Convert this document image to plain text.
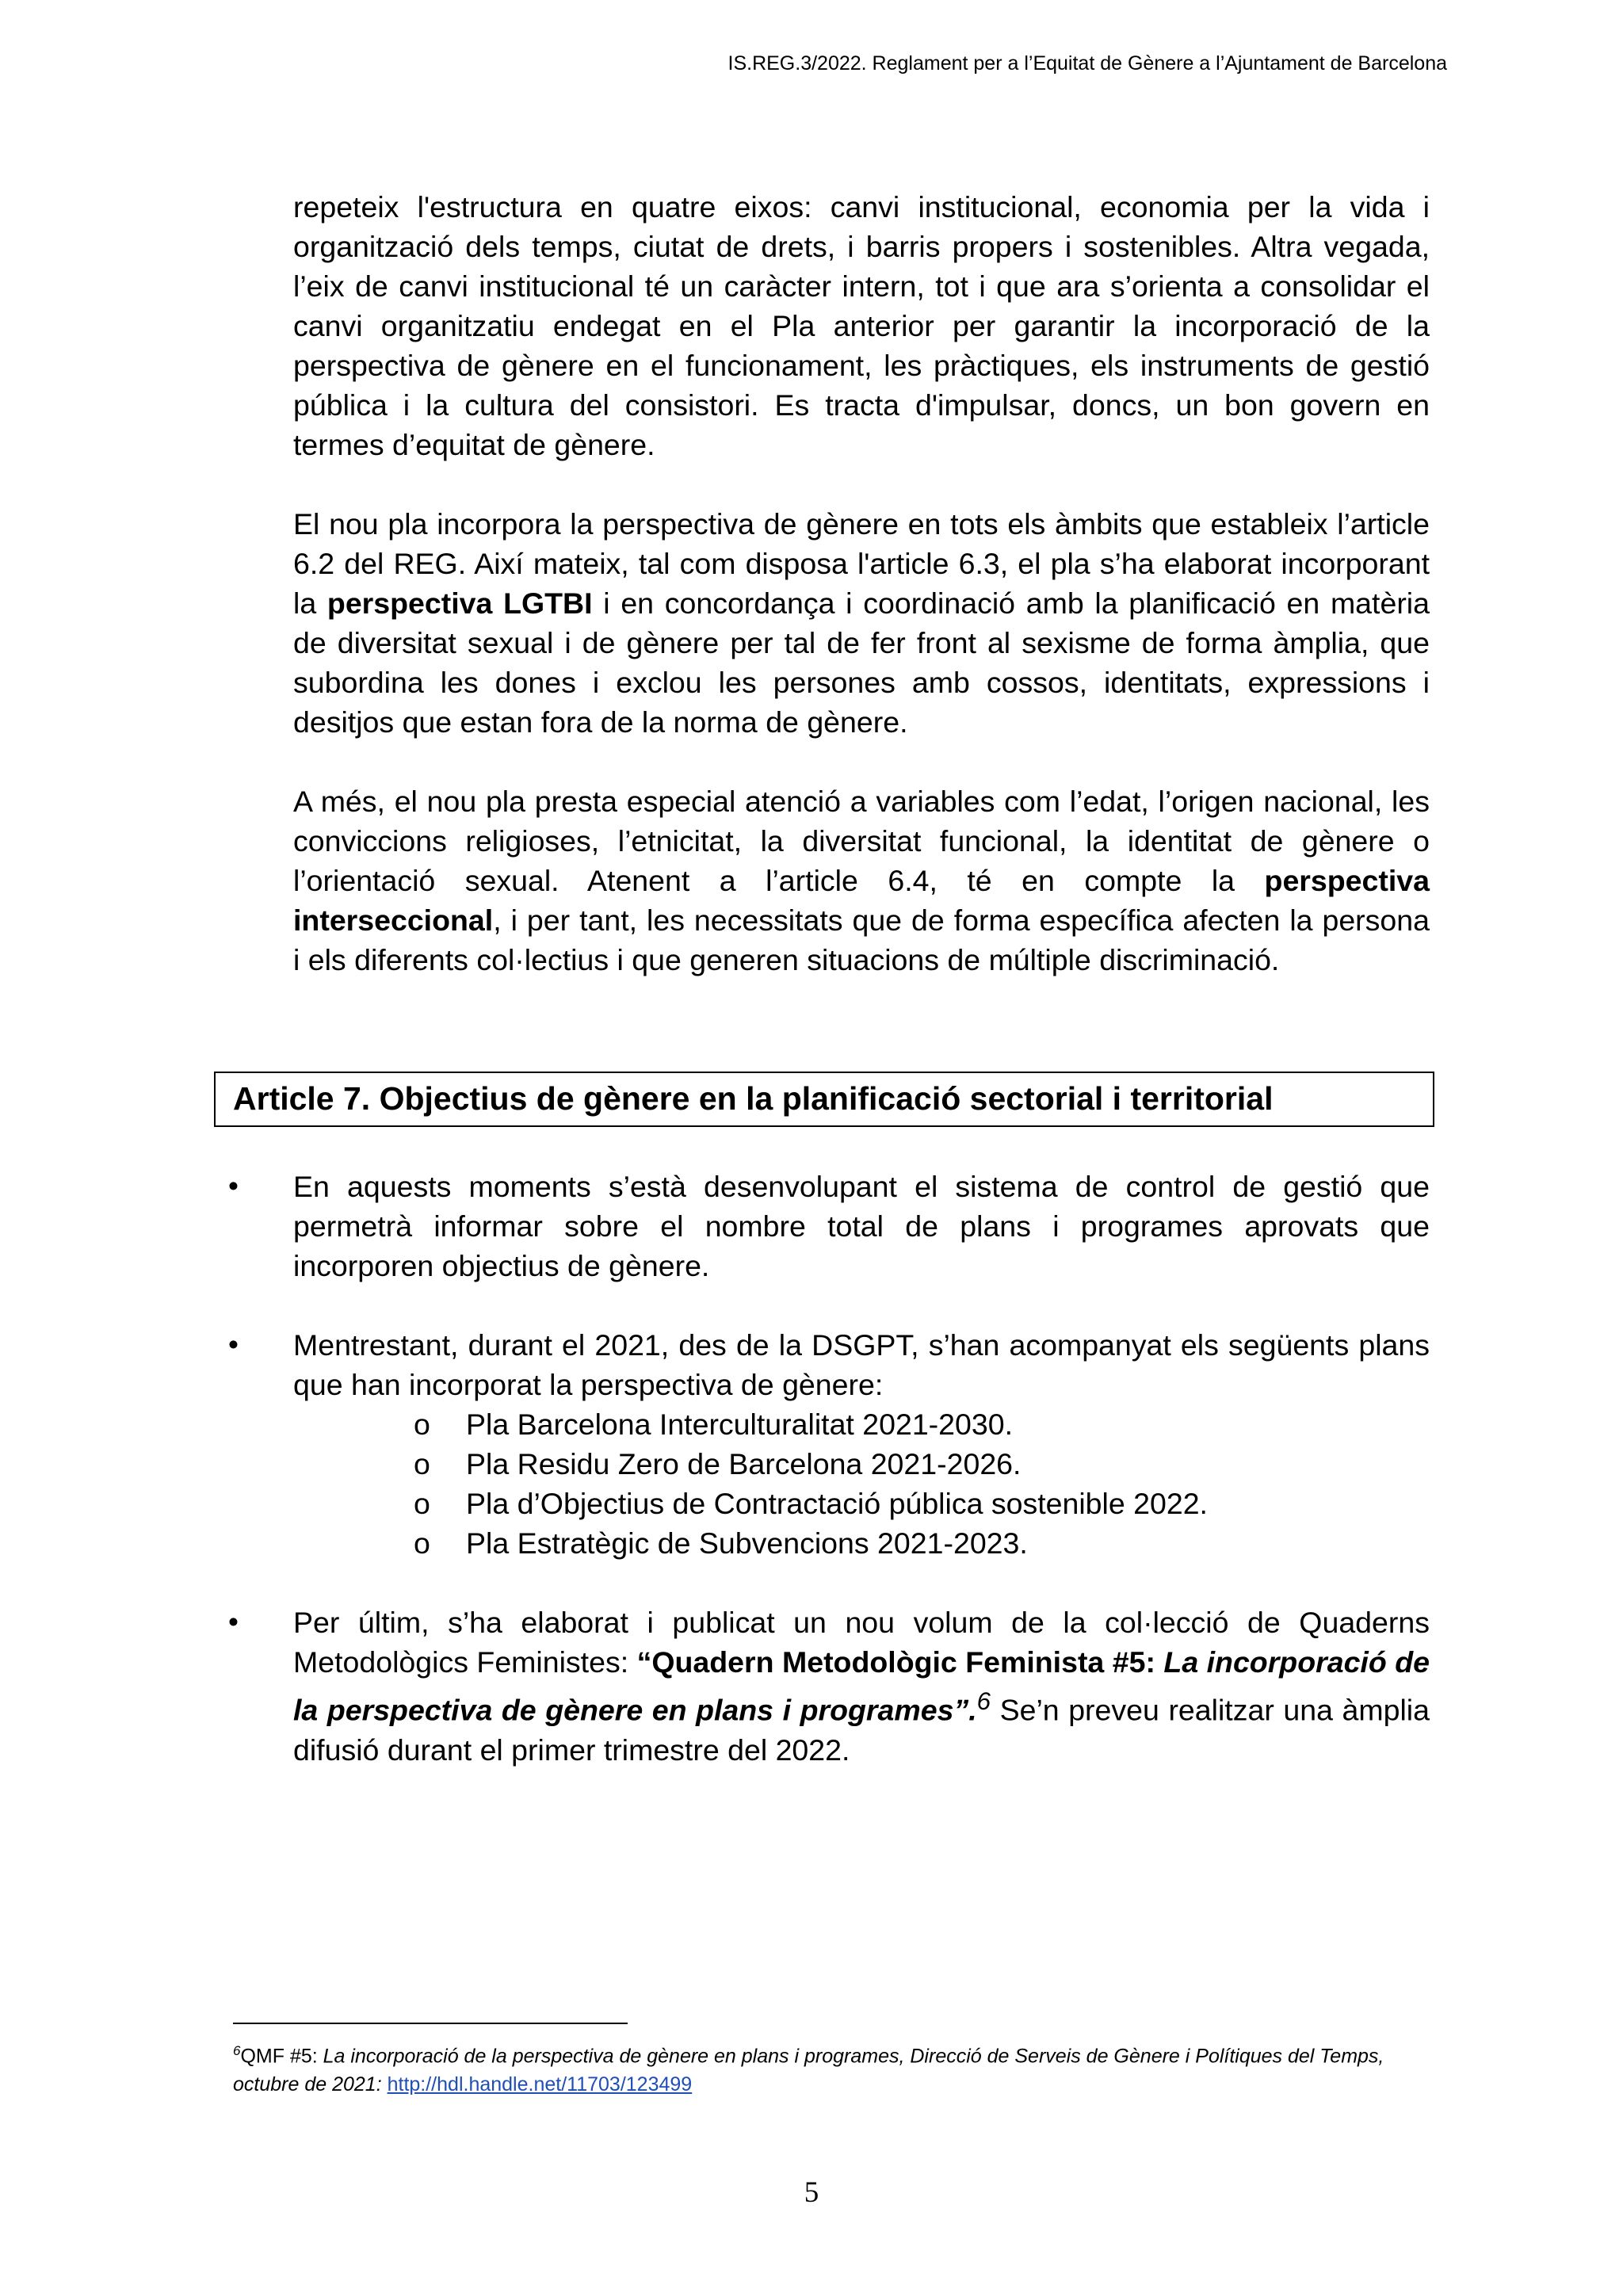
IS.REG.3/2022. Reglament per a l’Equitat de Gènere a l’Ajuntament de Barcelona

repeteix l'estructura en quatre eixos: canvi institucional, economia per la vida i organització dels temps, ciutat de drets, i barris propers i sostenibles. Altra vegada, l’eix de canvi institucional té un caràcter intern, tot i que ara s’orienta a consolidar el canvi organitzatiu endegat en el Pla anterior per garantir la incorporació de la perspectiva de gènere en el funcionament, les pràctiques, els instruments de gestió pública i la cultura del consistori. Es tracta d'impulsar, doncs, un bon govern en termes d’equitat de gènere.

El nou pla incorpora la perspectiva de gènere en tots els àmbits que estableix l’article 6.2 del REG. Així mateix, tal com disposa l'article 6.3, el pla s’ha elaborat incorporant la perspectiva LGTBI i en concordança i coordinació amb la planificació en matèria de diversitat sexual i de gènere per tal de fer front al sexisme de forma àmplia, que subordina les dones i exclou les persones amb cossos, identitats, expressions i desitjos que estan fora de la norma de gènere.

A més, el nou pla presta especial atenció a variables com l’edat, l’origen nacional, les conviccions religioses, l’etnicitat, la diversitat funcional, la identitat de gènere o l’orientació sexual. Atenent a l’article 6.4, té en compte la perspectiva interseccional, i per tant, les necessitats que de forma específica afecten la persona i els diferents col·lectius i que generen situacions de múltiple discriminació.

Article 7. Objectius de gènere en la planificació sectorial i territorial
• En aquests moments s’està desenvolupant el sistema de control de gestió que permetrà informar sobre el nombre total de plans i programes aprovats que incorporen objectius de gènere.
• Mentrestant, durant el 2021, des de la DSGPT, s’han acompanyat els següents plans que han incorporat la perspectiva de gènere:
o Pla Barcelona Interculturalitat 2021-2030.
o Pla Residu Zero de Barcelona 2021-2026.
o Pla d’Objectius de Contractació pública sostenible 2022.
o Pla Estratègic de Subvencions 2021-2023.
• Per últim, s’ha elaborat i publicat un nou volum de la col·lecció de Quaderns Metodològics Feministes: “Quadern Metodològic Feminista #5: La incorporació de la perspectiva de gènere en plans i programes”.$^6$ Se’n preveu realitzar una àmplia difusió durant el primer trimestre del 2022.
$^6$QMF #5: La incorporació de la perspectiva de gènere en plans i programes, Direcció de Serveis de Gènere i Polítiques del Temps, octubre de 2021: http://hdl.handle.net/11703/123499
5
